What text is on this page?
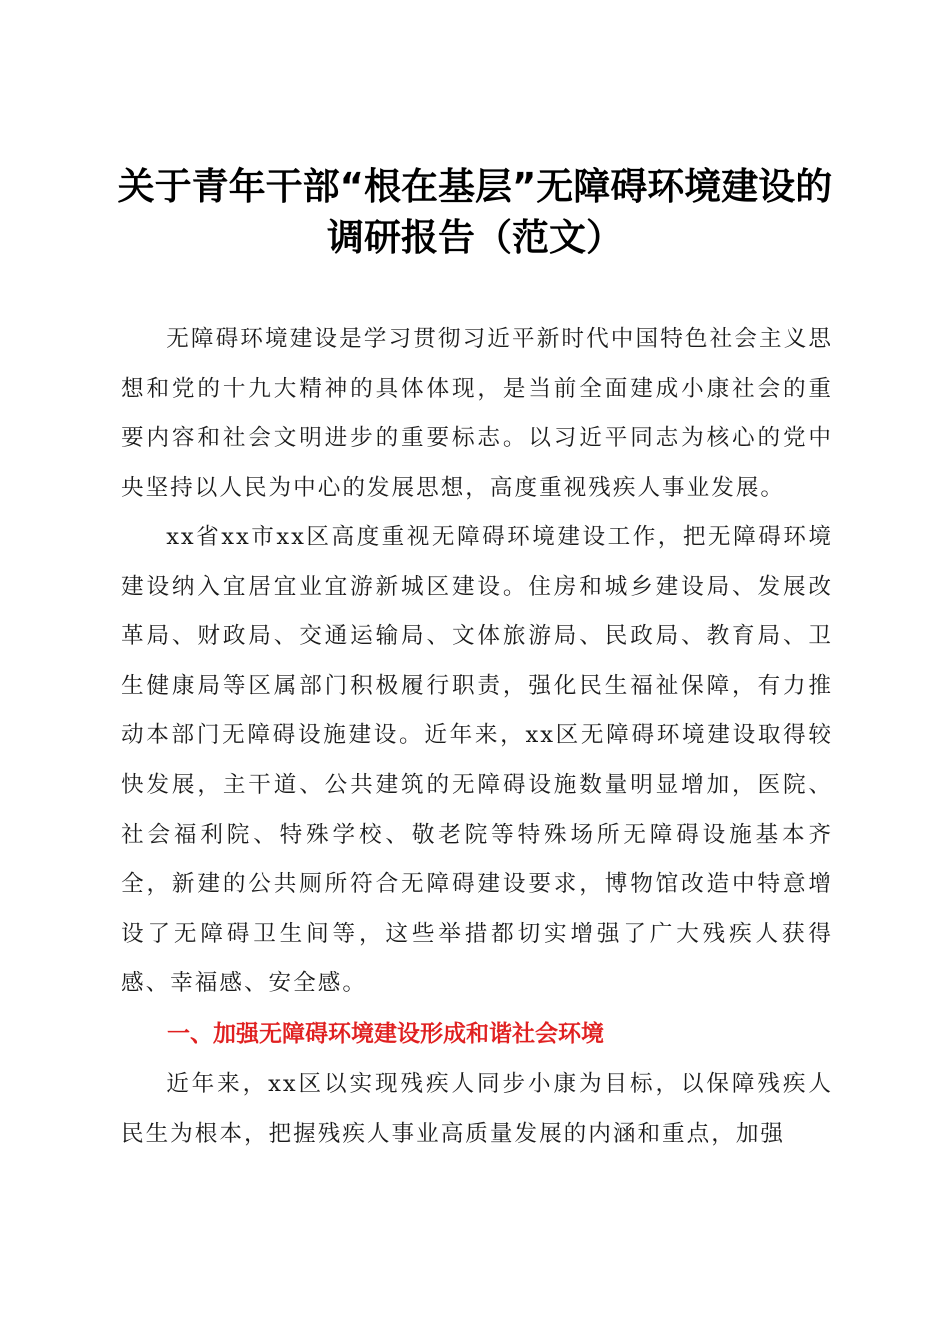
关于青年干部“根在基层”无障碍环境建设的
调研报告（范文）

无障碍环境建设是学习贯彻习近平新时代中国特色社会主义思想和党的十九大精神的具体体现，是当前全面建成小康社会的重要内容和社会文明进步的重要标志。以习近平同志为核心的党中央坚持以人民为中心的发展思想，高度重视残疾人事业发展。

xx省xx市xx区高度重视无障碍环境建设工作，把无障碍环境建设纳入宜居宜业宜游新城区建设。住房和城乡建设局、发展改革局、财政局、交通运输局、文体旅游局、民政局、教育局、卫生健康局等区属部门积极履行职责，强化民生福祉保障，有力推动本部门无障碍设施建设。近年来，xx区无障碍环境建设取得较快发展，主干道、公共建筑的无障碍设施数量明显增加，医院、社会福利院、特殊学校、敬老院等特殊场所无障碍设施基本齐全，新建的公共厕所符合无障碍建设要求，博物馆改造中特意增设了无障碍卫生间等，这些举措都切实增强了广大残疾人获得感、幸福感、安全感。

一、加强无障碍环境建设形成和谐社会环境

近年来，xx区以实现残疾人同步小康为目标，以保障残疾人民生为根本，把握残疾人事业高质量发展的内涵和重点，加强
